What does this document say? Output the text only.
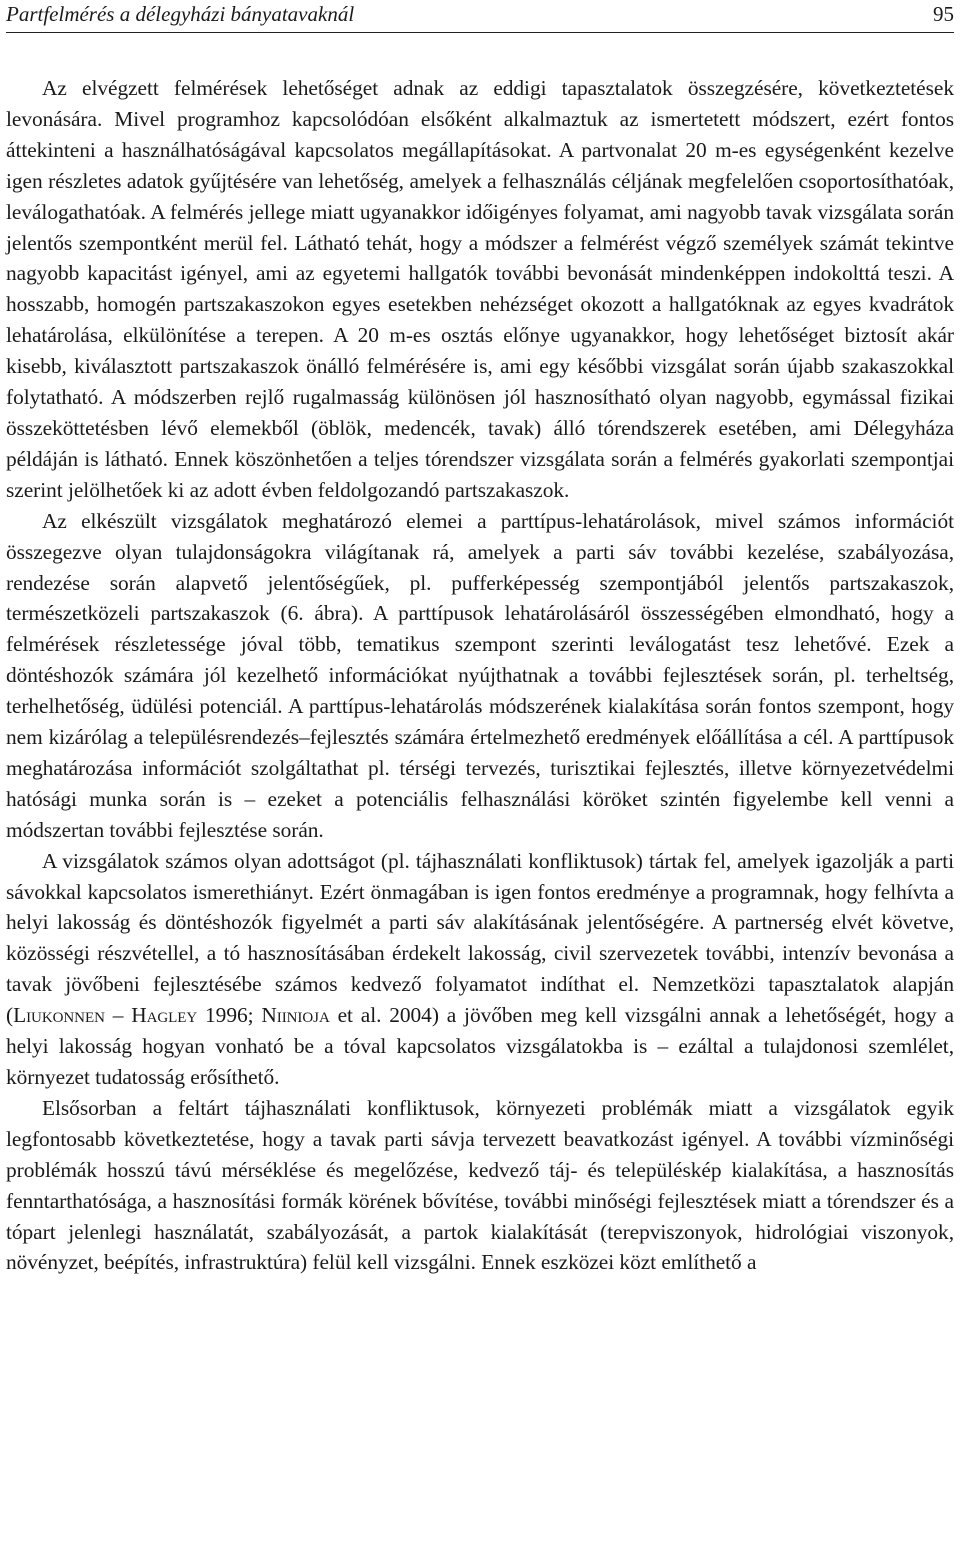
Partfelmérés a délegyházi bányatavaknál	95

Az elvégzett felmérések lehetőséget adnak az eddigi tapasztalatok összegzésére, következtetések levonására. Mivel programhoz kapcsolódóan elsőként alkalmaztuk az ismertetett módszert, ezért fontos áttekinteni a használhatóságával kapcsolatos megállapításokat. A partvonalat 20 m-es egységenként kezelve igen részletes adatok gyűjtésére van lehetőség, amelyek a felhasználás céljának megfelelően csoportosíthatóak, leválogathatóak. A felmérés jellege miatt ugyanakkor időigényes folyamat, ami nagyobb tavak vizsgálata során jelentős szempontként merül fel. Látható tehát, hogy a módszer a felmérést végző személyek számát tekintve nagyobb kapacitást igényel, ami az egyetemi hallgatók további bevonását mindenképpen indokolttá teszi. A hosszabb, homogén partszakaszokon egyes esetekben nehézséget okozott a hallgatóknak az egyes kvadrátok lehatárolása, elkülönítése a terepen. A 20 m-es osztás előnye ugyanakkor, hogy lehetőséget biztosít akár kisebb, kiválasztott partszakaszok önálló felmérésére is, ami egy későbbi vizsgálat során újabb szakaszokkal folytatható. A módszerben rejlő rugalmasság különösen jól hasznosítható olyan nagyobb, egymással fizikai összeköttetésben lévő elemekből (öblök, medencék, tavak) álló tórendszerek esetében, ami Délegyháza példáján is látható. Ennek köszönhetően a teljes tórendszer vizsgálata során a felmérés gyakorlati szempontjai szerint jelölhetőek ki az adott évben feldolgozandó partszakaszok.

Az elkészült vizsgálatok meghatározó elemei a parttípus-lehatárolások, mivel számos információt összegezve olyan tulajdonságokra világítanak rá, amelyek a parti sáv további kezelése, szabályozása, rendezése során alapvető jelentőségűek, pl. pufferképesség szempontjából jelentős partszakaszok, természetközeli partszakaszok (6. ábra). A parttípusok lehatárolásáról összességében elmondható, hogy a felmérések részletessége jóval több, tematikus szempont szerinti leválogatást tesz lehetővé. Ezek a döntéshozók számára jól kezelhető információkat nyújthatnak a további fejlesztések során, pl. terheltség, terhelhetőség, üdülési potenciál. A parttípus-lehatárolás módszerének kialakítása során fontos szempont, hogy nem kizárólag a településrendezés–fejlesztés számára értelmezhető eredmények előállítása a cél. A parttípusok meghatározása információt szolgáltathat pl. térségi tervezés, turisztikai fejlesztés, illetve környezetvédelmi hatósági munka során is – ezeket a potenciális felhasználási köröket szintén figyelembe kell venni a módszertan további fejlesztése során.

A vizsgálatok számos olyan adottságot (pl. tájhasználati konfliktusok) tártak fel, amelyek igazolják a parti sávokkal kapcsolatos ismerethiányt. Ezért önmagában is igen fontos eredménye a programnak, hogy felhívta a helyi lakosság és döntéshozók figyelmét a parti sáv alakításának jelentőségére. A partnerség elvét követve, közösségi részvétellel, a tó hasznosításában érdekelt lakosság, civil szervezetek további, intenzív bevonása a tavak jövőbeni fejlesztésébe számos kedvező folyamatot indíthat el. Nemzetközi tapasztalatok alapján (Liukonnen – Hagley 1996; Niinioja et al. 2004) a jövőben meg kell vizsgálni annak a lehetőségét, hogy a helyi lakosság hogyan vonható be a tóval kapcsolatos vizsgálatokba is – ezáltal a tulajdonosi szemlélet, környezet tudatosság erősíthető.

Elsősorban a feltárt tájhasználati konfliktusok, környezeti problémák miatt a vizsgálatok egyik legfontosabb következtetése, hogy a tavak parti sávja tervezett beavatkozást igényel. A további vízminőségi problémák hosszú távú mérséklése és megelőzése, kedvező táj- és településkép kialakítása, a hasznosítás fenntarthatósága, a hasznosítási formák körének bővítése, további minőségi fejlesztések miatt a tórendszer és a tópart jelenlegi használatát, szabályozását, a partok kialakítását (terepviszonyok, hidrológiai viszonyok, növényzet, beépítés, infrastruktúra) felül kell vizsgálni. Ennek eszközei közt említhető a
